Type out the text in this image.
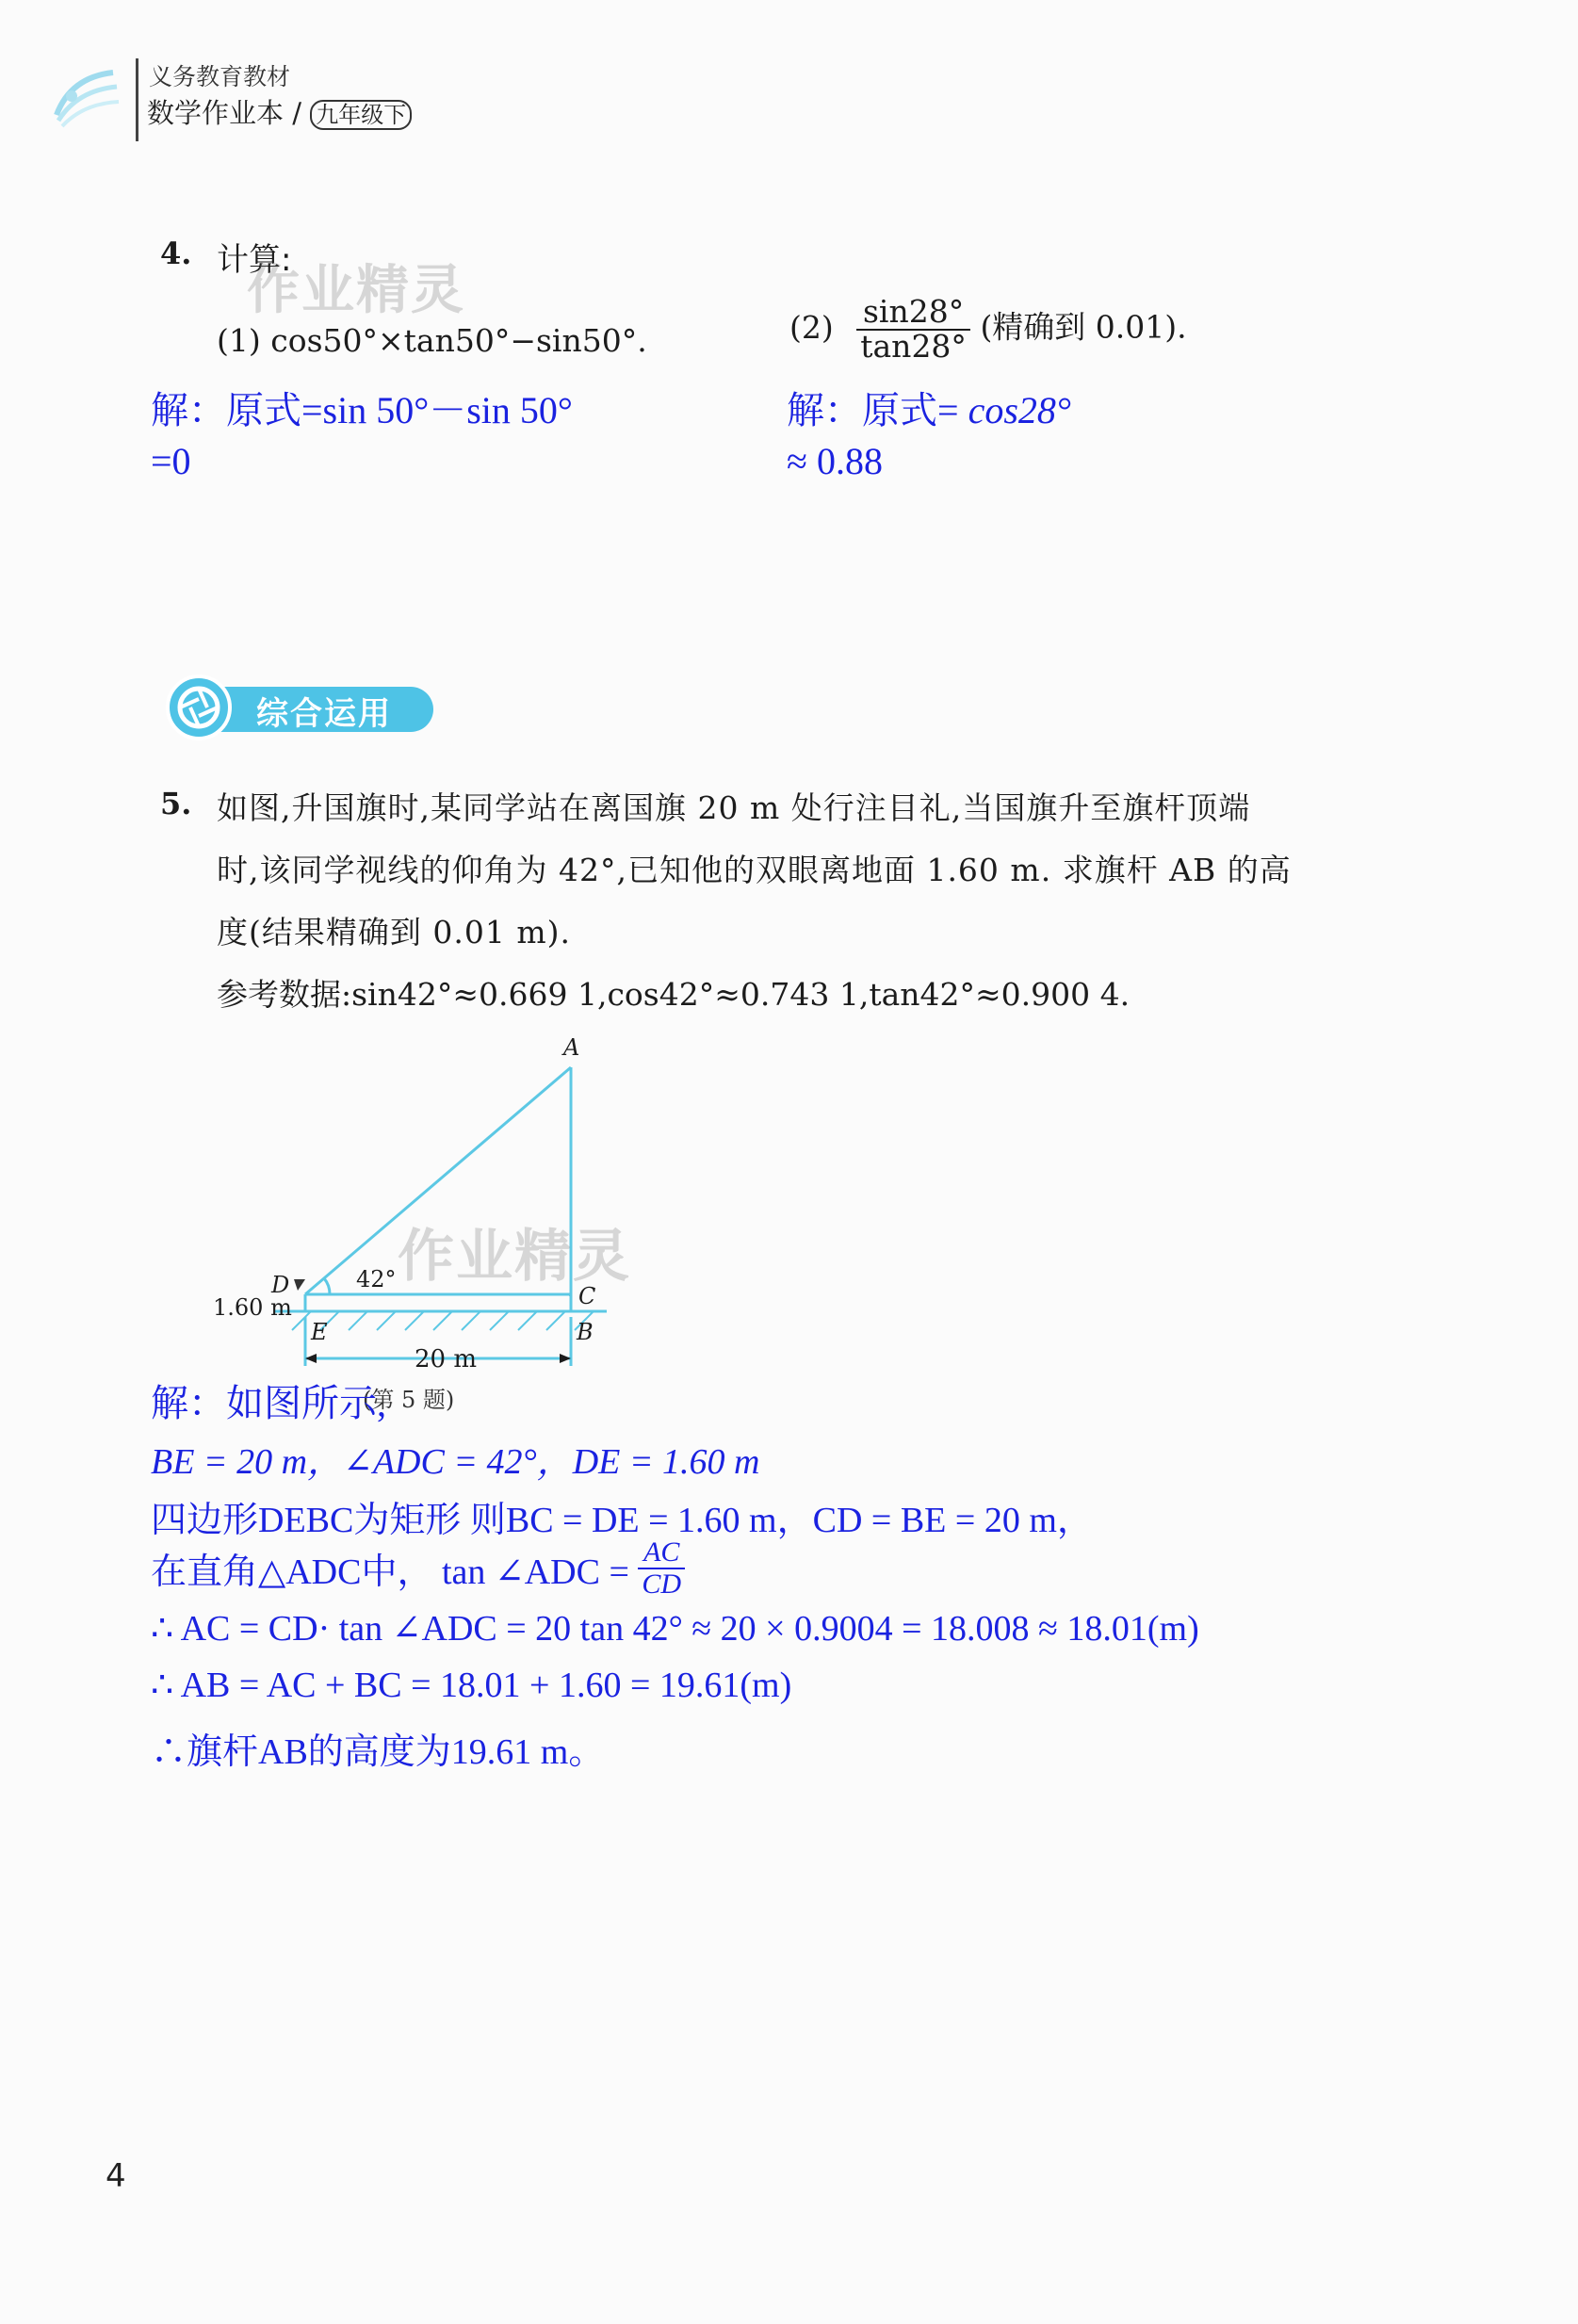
义务教育教材
数学作业本 / 九年级下
4. 计算:
作业精灵
(1) cos50°×tan50°−sin50°.	$(2) \frac{\sin 28^\circ}{\tan 28^\circ}$ (精确到 0.01).
解：原式=sin 50°－sin 50°
=0
解：原式= cos28°
≈ 0.88
综合运用
5. 如图,升国旗时,某同学站在离国旗 20 m 处行注目礼,当国旗升至旗杆顶端
时,该同学视线的仰角为 42°,已知他的双眼离地面 1.60 m. 求旗杆 AB 的高
度(结果精确到 0.01 m).
参考数据:sin42°≈0.669 1,cos42°≈0.743 1,tan42°≈0.900 4.
A
C
D
E	B
42°
1.60 m
20 m
作业精灵
(第 5 题)
解：如图所示,
BE = 20 m，∠ADC = 42°，DE = 1.60 m
四边形DEBC为矩形 则BC = DE = 1.60 m，CD = BE = 20 m，
在直角△ADC中， tan ∠ADC = $\frac{AC}{CD}$
∴ AC = CD· tan ∠ADC = 20 tan 42° ≈ 20 × 0.9004 = 18.008 ≈ 18.01(m)
∴ AB = AC + BC = 18.01 + 1.60 = 19.61(m)
∴旗杆AB的高度为19.61 m。
4
